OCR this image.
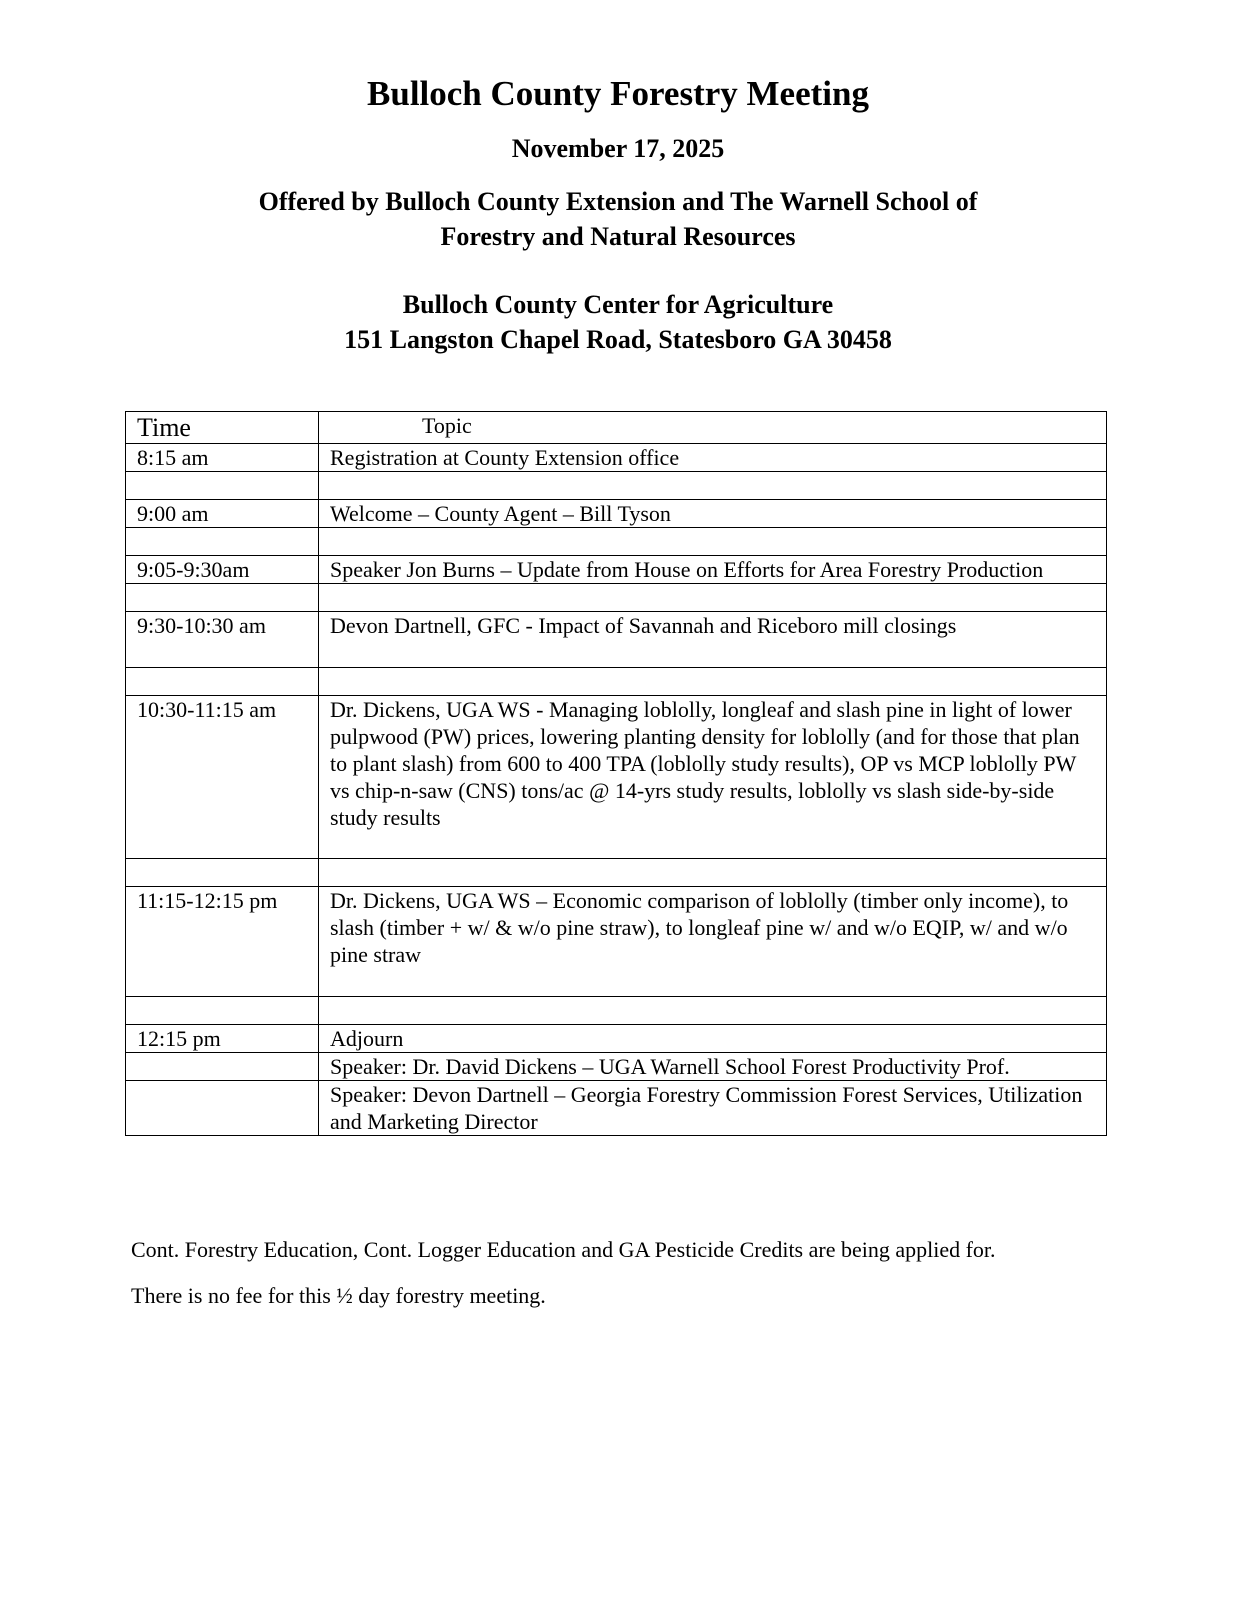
Bulloch County Forestry Meeting
November 17, 2025
Offered by Bulloch County Extension and The Warnell School of
Forestry and Natural Resources
Bulloch County Center for Agriculture
151 Langston Chapel Road, Statesboro GA 30458
Time	Topic
8:15 am	Registration at County Extension office

9:00 am	Welcome – County Agent – Bill Tyson

9:05-9:30am	Speaker Jon Burns – Update from House on Efforts for Area Forestry Production

9:30-10:30 am	Devon Dartnell, GFC - Impact of Savannah and Riceboro mill closings

10:30-11:15 am	Dr. Dickens, UGA WS - Managing loblolly, longleaf and slash pine in light of lower pulpwood (PW) prices, lowering planting density for loblolly (and for those that plan to plant slash) from 600 to 400 TPA (loblolly study results), OP vs MCP loblolly PW vs chip-n-saw (CNS) tons/ac @ 14-yrs study results, loblolly vs slash side-by-side study results

11:15-12:15 pm	Dr. Dickens, UGA WS – Economic comparison of loblolly (timber only income), to slash (timber + w/ & w/o pine straw), to longleaf pine w/ and w/o EQIP, w/ and w/o pine straw

12:15 pm	Adjourn
	Speaker: Dr. David Dickens – UGA Warnell School Forest Productivity Prof.
	Speaker: Devon Dartnell – Georgia Forestry Commission Forest Services, Utilization and Marketing Director
Cont. Forestry Education, Cont. Logger Education and GA Pesticide Credits are being applied for.
There is no fee for this ½ day forestry meeting.
